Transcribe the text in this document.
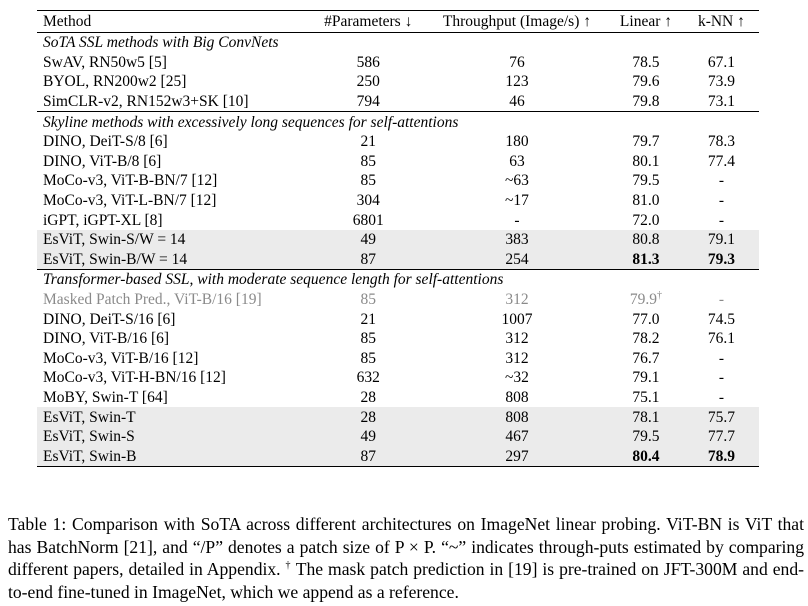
Method	#Parameters ↓	Throughput (Image/s) ↑	Linear ↑	k-NN ↑
SoTA SSL methods with Big ConvNets				
SwAV, RN50w5 [5]	586	76	78.5	67.1
BYOL, RN200w2 [25]	250	123	79.6	73.9
SimCLR-v2, RN152w3+SK [10]	794	46	79.8	73.1
Skyline methods with excessively long sequences for self-attentions				
DINO, DeiT-S/8 [6]	21	180	79.7	78.3
DINO, ViT-B/8 [6]	85	63	80.1	77.4
MoCo-v3, ViT-B-BN/7 [12]	85	~63	79.5	-
MoCo-v3, ViT-L-BN/7 [12]	304	~17	81.0	-
iGPT, iGPT-XL [8]	6801	-	72.0	-
EsViT, Swin-S/W = 14	49	383	80.8	79.1
EsViT, Swin-B/W = 14	87	254	81.3	79.3
Transformer-based SSL, with moderate sequence length for self-attentions				
Masked Patch Pred., ViT-B/16 [19]	85	312	79.9†	-
DINO, DeiT-S/16 [6]	21	1007	77.0	74.5
DINO, ViT-B/16 [6]	85	312	78.2	76.1
MoCo-v3, ViT-B/16 [12]	85	312	76.7	-
MoCo-v3, ViT-H-BN/16 [12]	632	~32	79.1	-
MoBY, Swin-T [64]	28	808	75.1	-
EsViT, Swin-T	28	808	78.1	75.7
EsViT, Swin-S	49	467	79.5	77.7
EsViT, Swin-B	87	297	80.4	78.9

Table 1: Comparison with SoTA across different architectures on ImageNet linear probing. ViT-BN is ViT that has BatchNorm [21], and “/P” denotes a patch size of P × P. “~” indicates through-puts estimated by comparing different papers, detailed in Appendix. † The mask patch prediction in [19] is pre-trained on JFT-300M and end-to-end fine-tuned in ImageNet, which we append as a reference.
